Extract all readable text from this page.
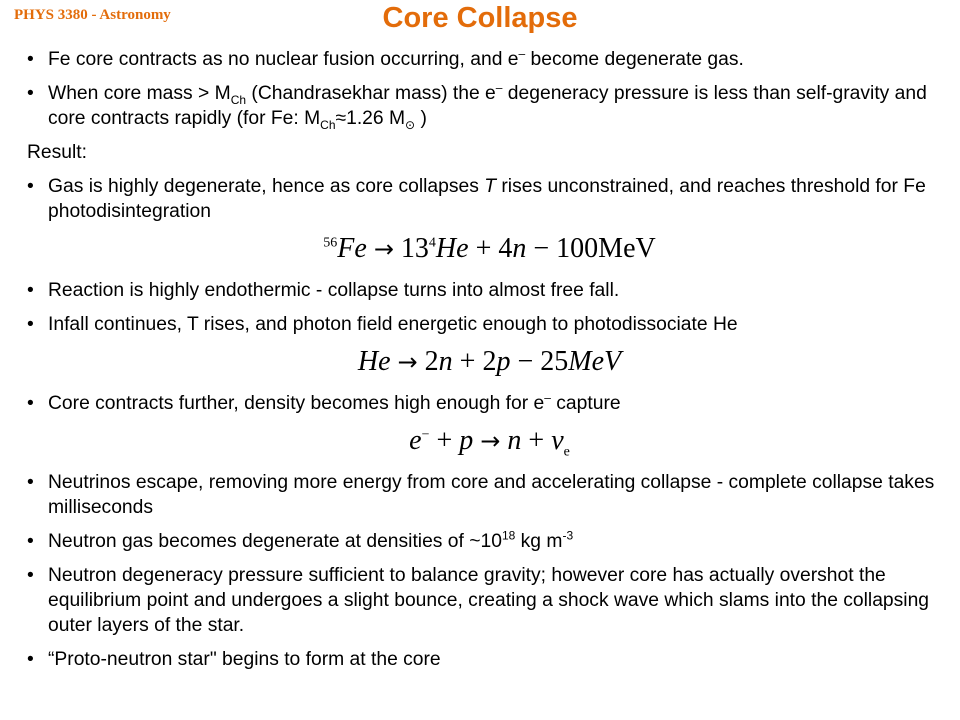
PHYS 3380 - Astronomy	Core Collapse
• Fe core contracts as no nuclear fusion occurring, and e– become degenerate gas.
• When core mass > $M_{Ch}$ (Chandrasekhar mass) the e– degeneracy pressure is less than self-gravity and core contracts rapidly (for Fe: $M_{Ch}\approx 1.26$ $M_⊙$ )
Result:
• Gas is highly degenerate, hence as core collapses T rises unconstrained, and reaches threshold for Fe photodisintegration
$^{56}Fe \to 13^4He + 4n - 100MeV$
• Reaction is highly endothermic - collapse turns into almost free fall.
• Infall continues, T rises, and photon field energetic enough to photodissociate He
He → 2n + 2p − 25MeV
• Core contracts further, density becomes high enough for e– capture
$e^- + p \to n + \nu_e$
• Neutrinos escape, removing more energy from core and accelerating collapse - complete collapse takes milliseconds
• Neutron gas becomes degenerate at densities of $\sim 10^{18}$ kg $m^{-3}$
• Neutron degeneracy pressure sufficient to balance gravity; however core has actually overshot the equilibrium point and undergoes a slight bounce, creating a shock wave which slams into the collapsing outer layers of the star.
• “Proto-neutron star" begins to form at the core
